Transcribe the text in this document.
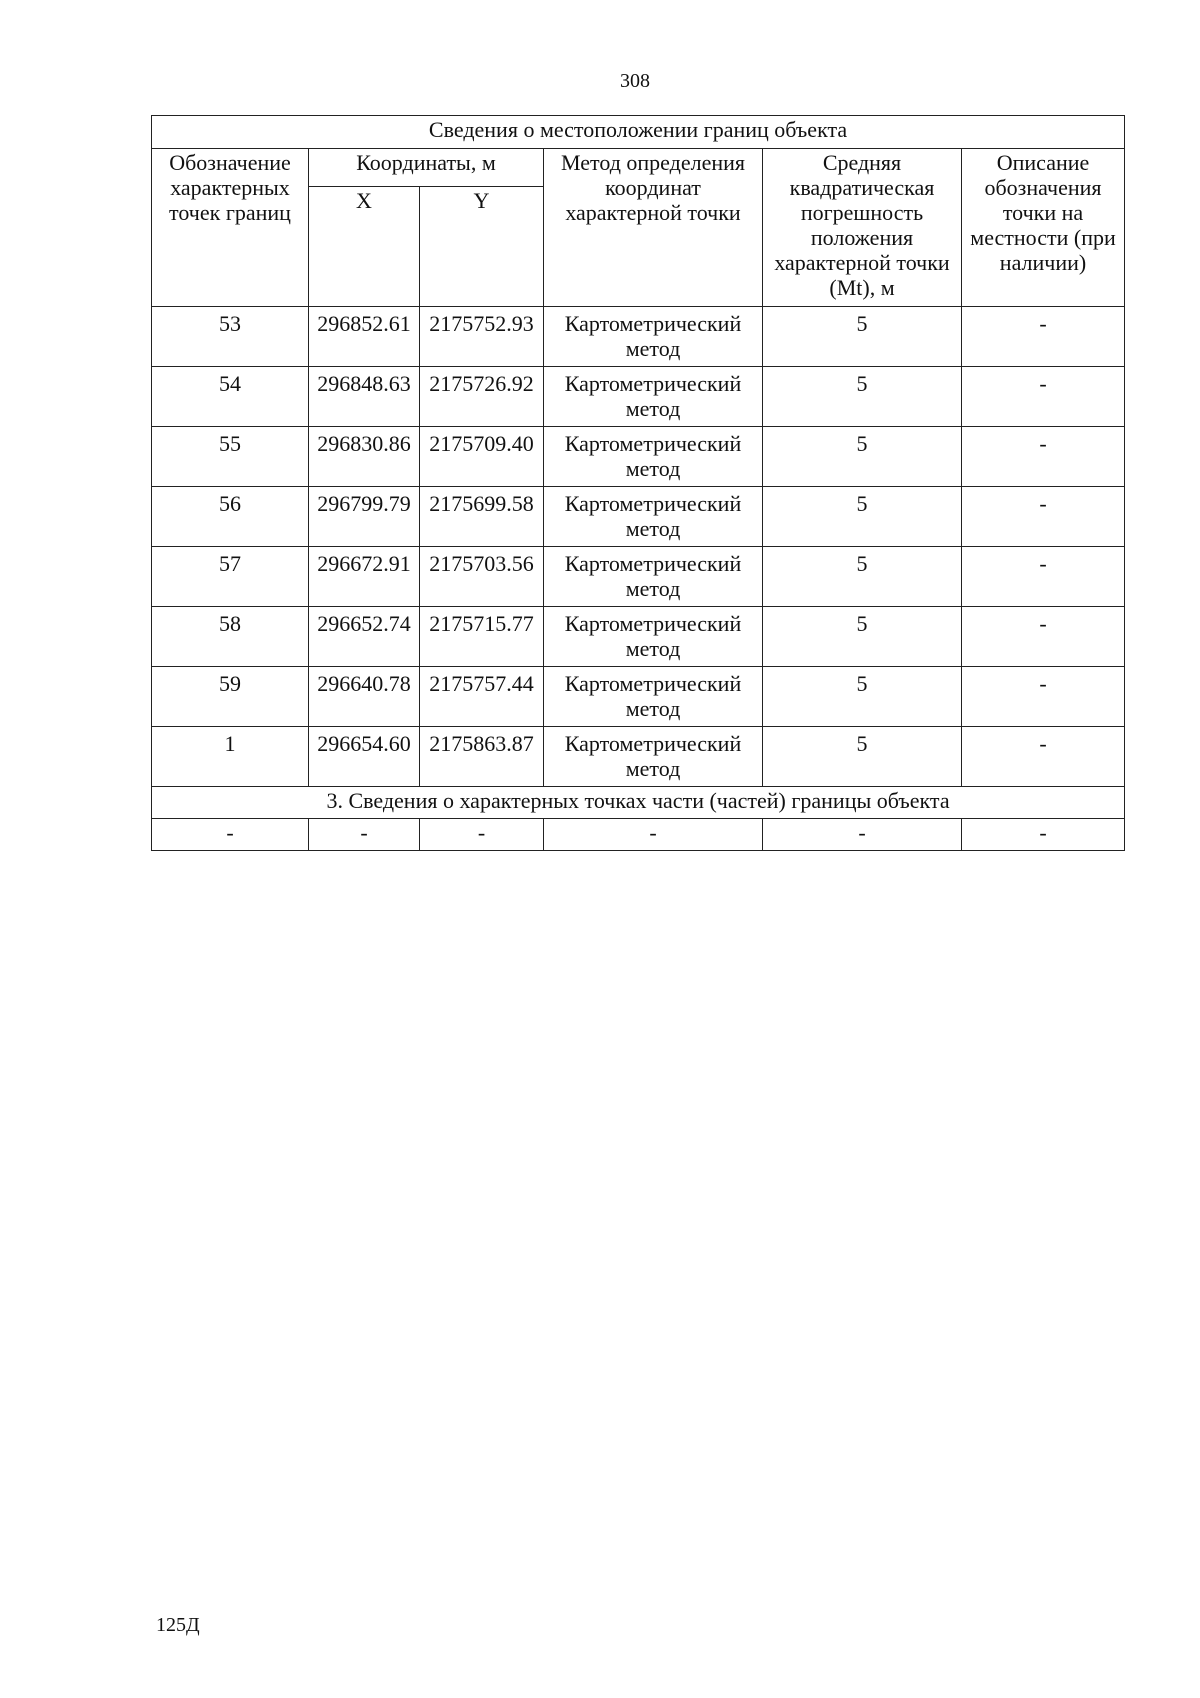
308
Сведения о местоположении границ объекта					
Обозначение характерных точек границ	Координаты, м		Метод определения координат характерной точки	Средняя квадратическая погрешность положения характерной точки (Mt), м	Описание обозначения точки на местности (при наличии)
	X	Y			
53	296852.61	2175752.93	Картометрический метод	5	-
54	296848.63	2175726.92	Картометрический метод	5	-
55	296830.86	2175709.40	Картометрический метод	5	-
56	296799.79	2175699.58	Картометрический метод	5	-
57	296672.91	2175703.56	Картометрический метод	5	-
58	296652.74	2175715.77	Картометрический метод	5	-
59	296640.78	2175757.44	Картометрический метод	5	-
1	296654.60	2175863.87	Картометрический метод	5	-
3. Сведения о характерных точках части (частей) границы объекта					
-	-	-	-	-	-
125Д
